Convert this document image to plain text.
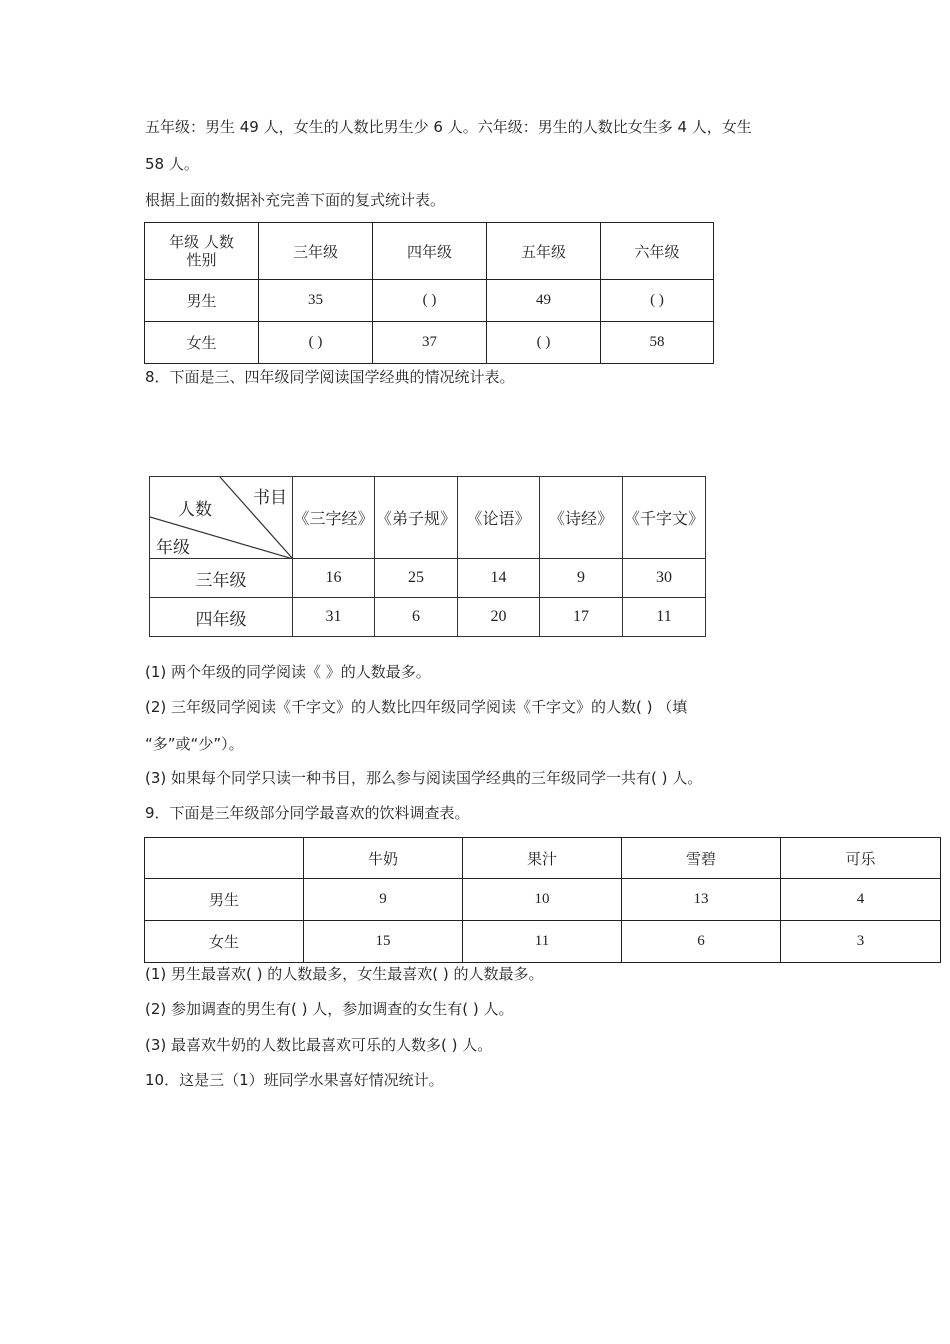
五年级：男生 49 人，女生的人数比男生少 6 人。六年级：男生的人数比女生多 4 人，女生
58 人。
根据上面的数据补充完善下面的复式统计表。
年级 人数
性别	三年级	四年级	五年级	六年级
男生	35	( )	49	( )
女生	( )	37	( )	58
8．下面是三、四年级同学阅读国学经典的情况统计表。
书目
人数
年级	《三字经》	《弟子规》	《论语》	《诗经》	《千字文》
三年级	16	25	14	9	30
四年级	31	6	20	17	11
(1) 两个年级的同学阅读《 》的人数最多。
(2) 三年级同学阅读《千字文》的人数比四年级同学阅读《千字文》的人数( ) （填
“多”或“少”）。
(3) 如果每个同学只读一种书目，那么参与阅读国学经典的三年级同学一共有( ) 人。
9．下面是三年级部分同学最喜欢的饮料调查表。
	牛奶	果汁	雪碧	可乐
男生	9	10	13	4
女生	15	11	6	3
(1) 男生最喜欢( ) 的人数最多，女生最喜欢( ) 的人数最多。
(2) 参加调查的男生有( ) 人，参加调查的女生有( ) 人。
(3) 最喜欢牛奶的人数比最喜欢可乐的人数多( ) 人。
10．这是三（1）班同学水果喜好情况统计。
